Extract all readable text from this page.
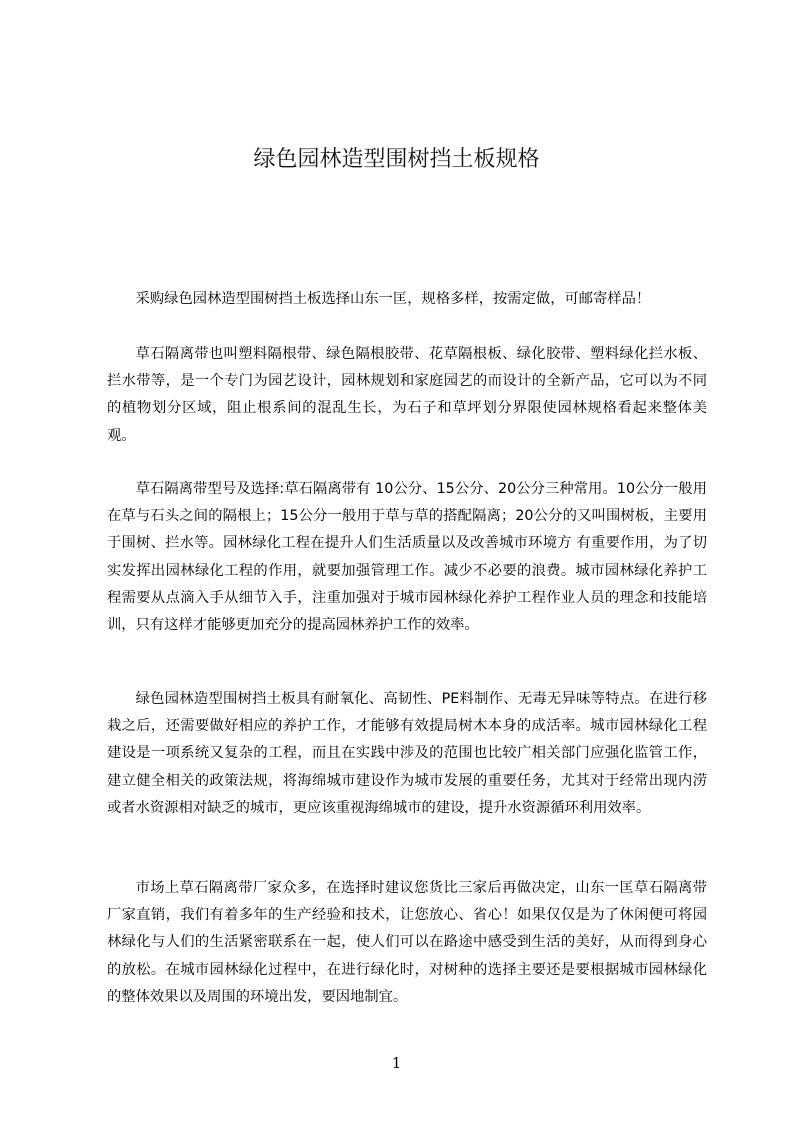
绿色园林造型围树挡土板规格

采购绿色园林造型围树挡土板选择山东一匡，规格多样，按需定做，可邮寄样品！

草石隔离带也叫塑料隔根带、绿色隔根胶带、花草隔根板、绿化胶带、塑料绿化拦水板、拦水带等，是一个专门为园艺设计，园林规划和家庭园艺的而设计的全新产品，它可以为不同的植物划分区域，阻止根系间的混乱生长，为石子和草坪划分界限使园林规格看起来整体美观。

草石隔离带型号及选择:草石隔离带有 10公分、15公分、20公分三种常用。10公分一般用在草与石头之间的隔根上；15公分一般用于草与草的搭配隔离；20公分的又叫围树板，主要用于围树、拦水等。园林绿化工程在提升人们生活质量以及改善城市环境方 有重要作用，为了切实发挥出园林绿化工程的作用，就要加强管理工作。减少不必要的浪费。城市园林绿化养护工程需要从点滴入手从细节入手，注重加强对于城市园林绿化养护工程作业人员的理念和技能培训，只有这样才能够更加充分的提高园林养护工作的效率。

绿色园林造型围树挡土板具有耐氧化、高韧性、PE料制作、无毒无异味等特点。在进行移栽之后，还需要做好相应的养护工作，才能够有效提局树木本身的成活率。城市园林绿化工程建设是一项系统又复杂的工程，而且在实践中涉及的范围也比较广相关部门应强化监管工作，建立健全相关的政策法规，将海绵城市建设作为城市发展的重要任务，尤其对于经常出现内涝或者水资源相对缺乏的城市，更应该重视海绵城市的建设，提升水资源循环利用效率。

市场上草石隔离带厂家众多，在选择时建议您货比三家后再做决定，山东一匡草石隔离带厂家直销，我们有着多年的生产经验和技术，让您放心、省心！如果仅仅是为了休闲便可将园林绿化与人们的生活紧密联系在一起，使人们可以在路途中感受到生活的美好，从而得到身心的放松。在城市园林绿化过程中，在进行绿化时，对树种的选择主要还是要根据城市园林绿化的整体效果以及周围的环境出发，要因地制宜。

1
